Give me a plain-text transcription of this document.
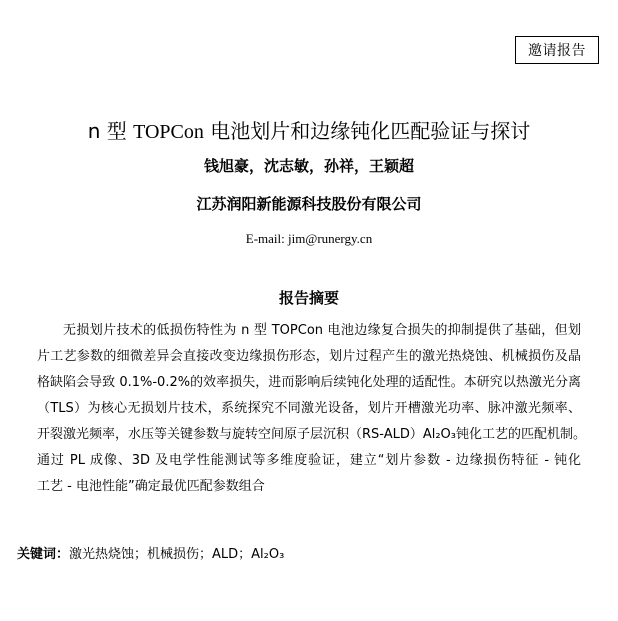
邀请报告
n 型 TOPCon 电池划片和边缘钝化匹配验证与探讨
钱旭豪，沈志敏，孙祥，王颖超
江苏润阳新能源科技股份有限公司
E-mail: jim@runergy.cn
报告摘要
无损划片技术的低损伤特性为 n 型 TOPCon 电池边缘复合损失的抑制提供了基础，但划
片工艺参数的细微差异会直接改变边缘损伤形态，划片过程产生的激光热烧蚀、机械损伤及晶
格缺陷会导致 0.1%-0.2%的效率损失，进而影响后续钝化处理的适配性。本研究以热激光分离
（TLS）为核心无损划片技术，系统探究不同激光设备，划片开槽激光功率、脉冲激光频率、
开裂激光频率，水压等关键参数与旋转空间原子层沉积（RS-ALD）Al₂O₃钝化工艺的匹配机制。
通过 PL 成像、3D 及电学性能测试等多维度验证，建立“划片参数 - 边缘损伤特征 - 钝化
工艺 - 电池性能”确定最优匹配参数组合
关键词：激光热烧蚀；机械损伤；ALD；Al₂O₃
